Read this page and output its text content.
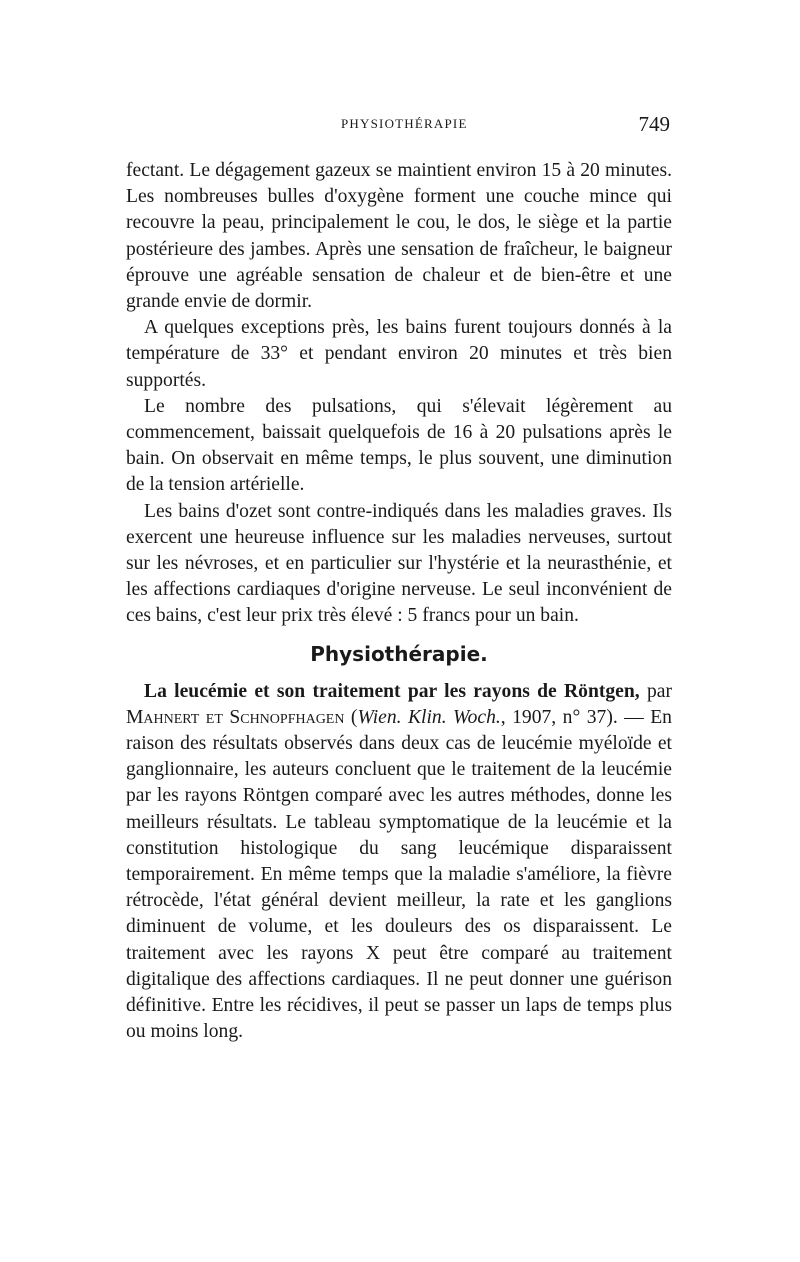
PHYSIOTHÉRAPIE	749

fectant. Le dégagement gazeux se maintient environ 15 à 20 minutes. Les nombreuses bulles d'oxygène forment une couche mince qui recouvre la peau, principalement le cou, le dos, le siège et la partie postérieure des jambes. Après une sensation de fraîcheur, le baigneur éprouve une agréable sensation de chaleur et de bien-être et une grande envie de dormir.

A quelques exceptions près, les bains furent toujours donnés à la température de 33° et pendant environ 20 minutes et très bien supportés.

Le nombre des pulsations, qui s'élevait légèrement au commencement, baissait quelquefois de 16 à 20 pulsations après le bain. On observait en même temps, le plus souvent, une diminution de la tension artérielle.

Les bains d'ozet sont contre-indiqués dans les maladies graves. Ils exercent une heureuse influence sur les maladies nerveuses, surtout sur les névroses, et en particulier sur l'hystérie et la neurasthénie, et les affections cardiaques d'origine nerveuse. Le seul inconvénient de ces bains, c'est leur prix très élevé : 5 francs pour un bain.

Physiothérapie.

La leucémie et son traitement par les rayons de Röntgen, par Mahnert et Schnopfhagen (Wien. Klin. Woch., 1907, n° 37). — En raison des résultats observés dans deux cas de leucémie myéloïde et ganglionnaire, les auteurs concluent que le traitement de la leucémie par les rayons Röntgen comparé avec les autres méthodes, donne les meilleurs résultats. Le tableau symptomatique de la leucémie et la constitution histologique du sang leucémique disparaissent temporairement. En même temps que la maladie s'améliore, la fièvre rétrocède, l'état général devient meilleur, la rate et les ganglions diminuent de volume, et les douleurs des os disparaissent. Le traitement avec les rayons X peut être comparé au traitement digitalique des affections cardiaques. Il ne peut donner une guérison définitive. Entre les récidives, il peut se passer un laps de temps plus ou moins long.
